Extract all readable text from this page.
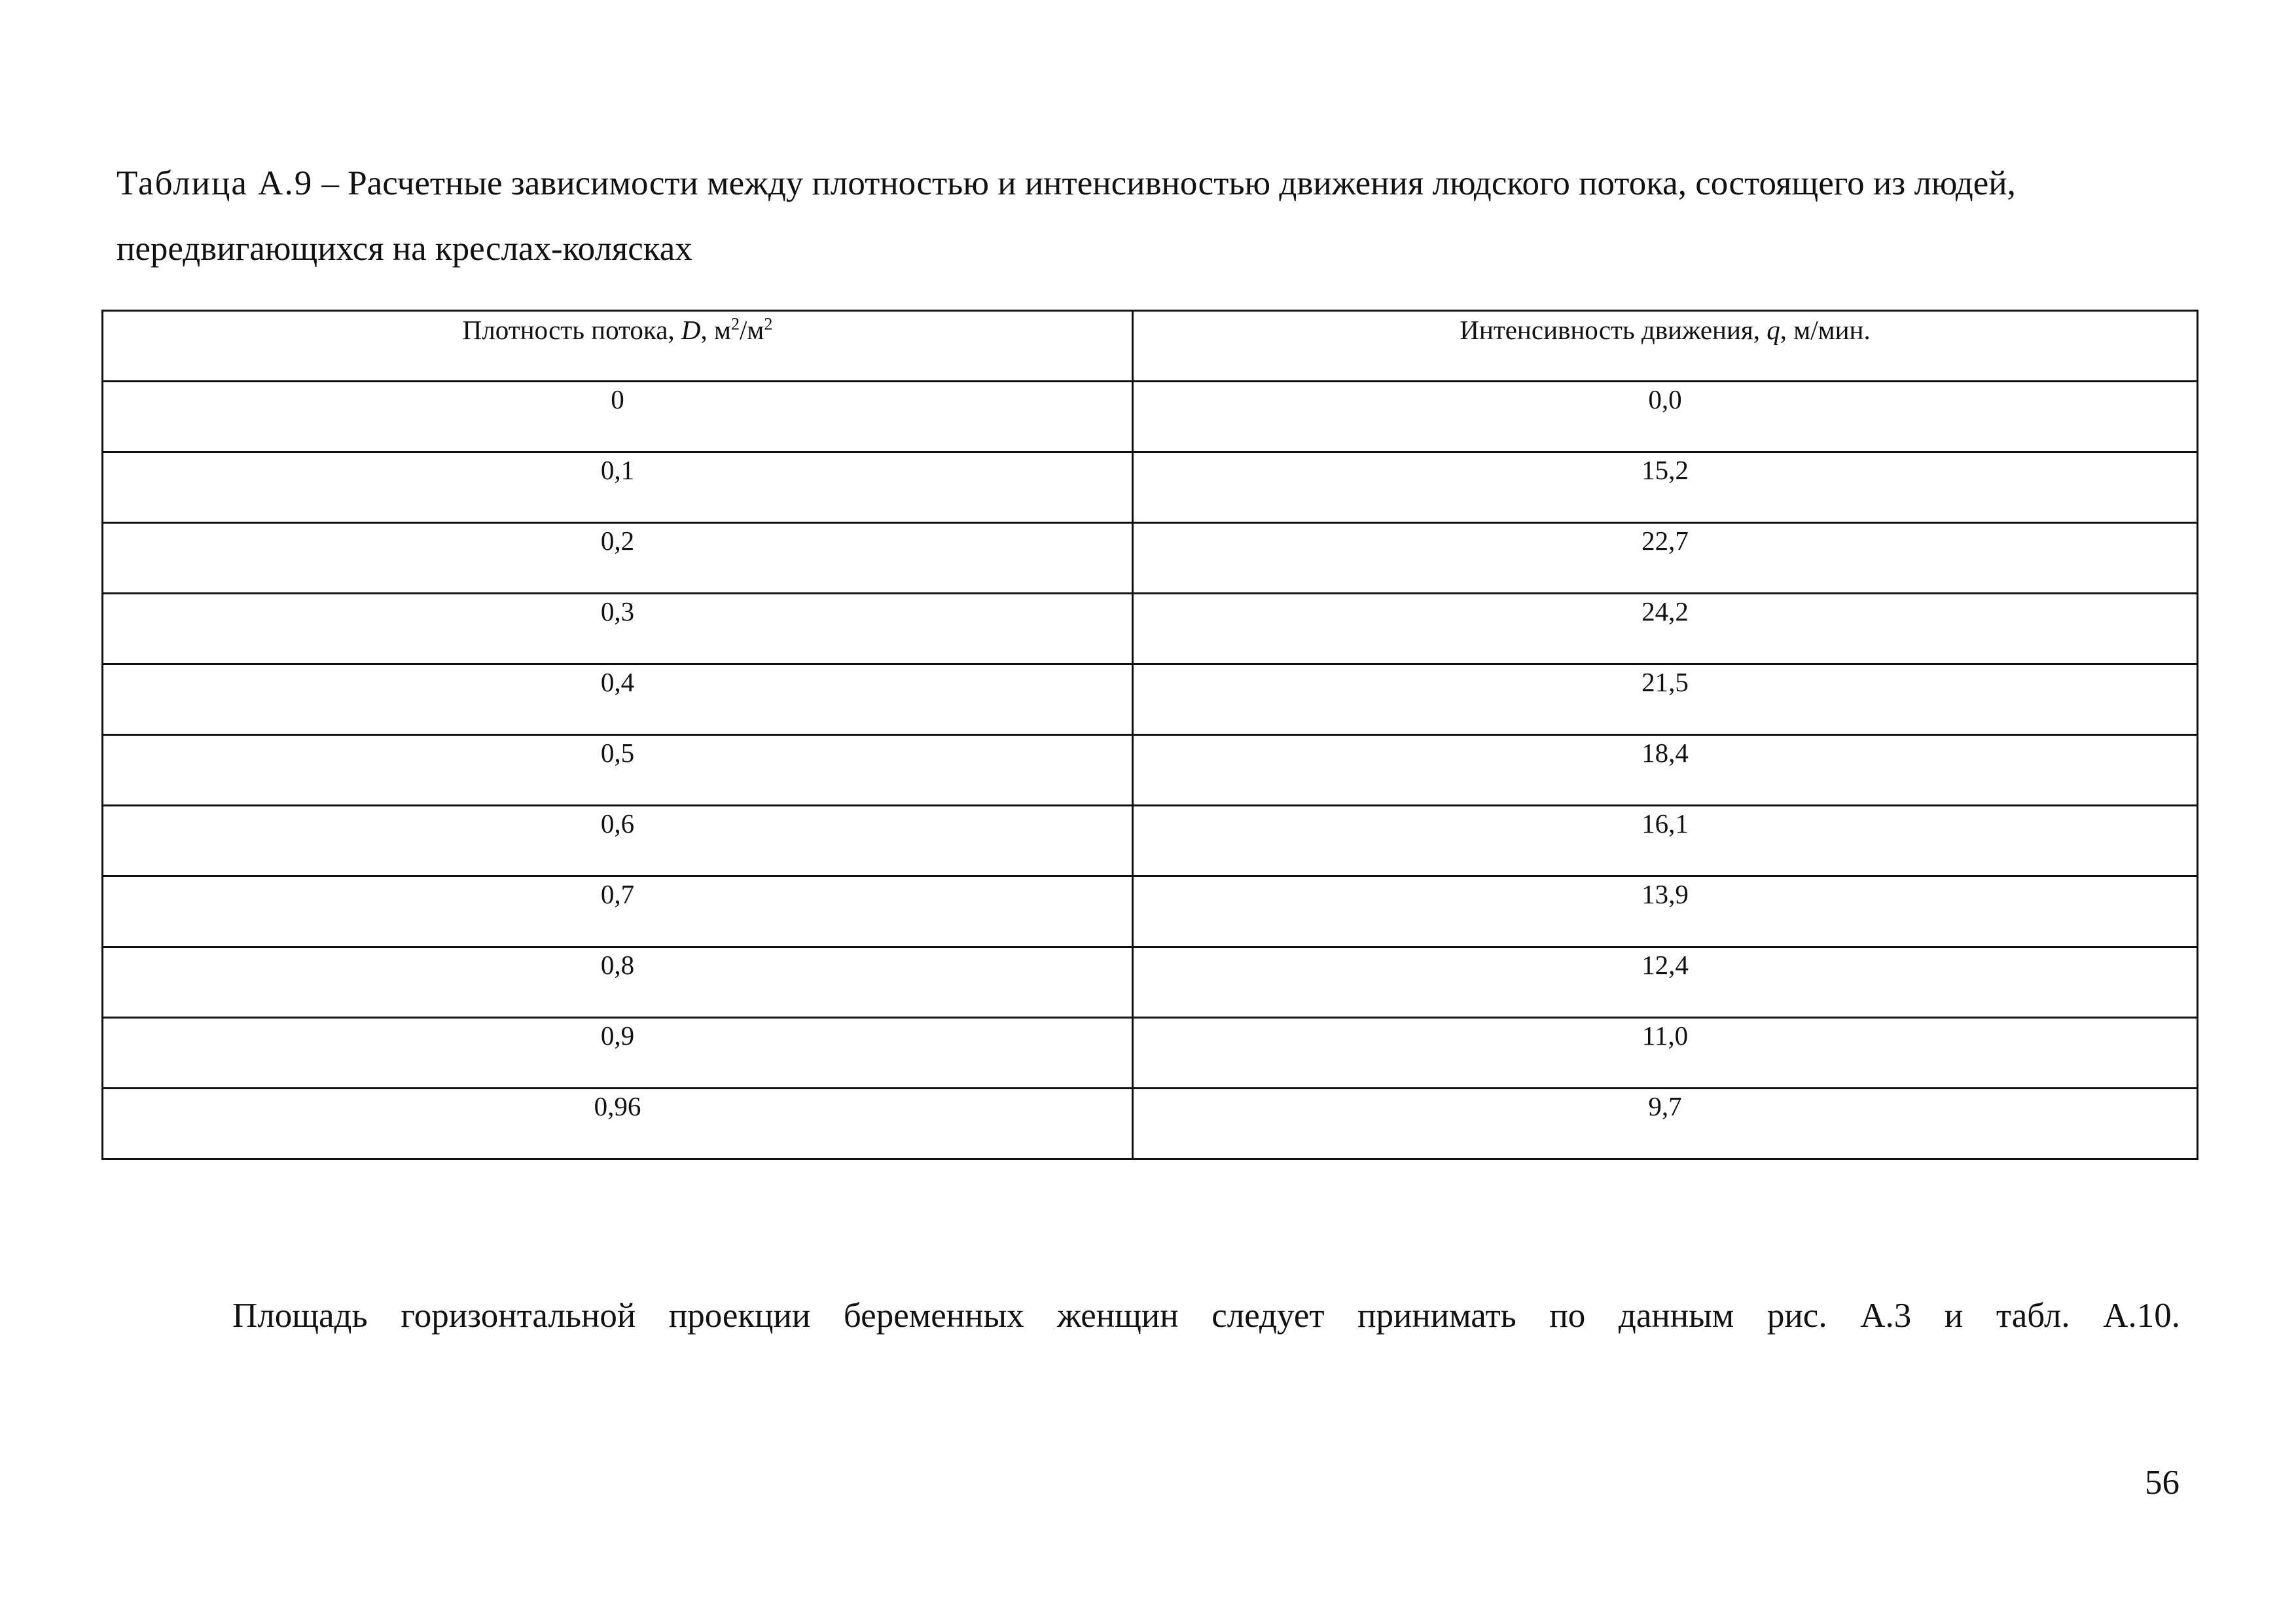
Таблица А.9 – Расчетные зависимости между плотностью и интенсивностью движения людского потока, состоящего из людей, передвигающихся на креслах-колясках

Плотность потока, D, $м^2/м^2$	Интенсивность движения, q, м/мин.

0	0,0

0,1	15,2

0,2	22,7

0,3	24,2

0,4	21,5

0,5	18,4

0,6	16,1

0,7	13,9

0,8	12,4

0,9	11,0

0,96	9,7

Площадь горизонтальной проекции беременных женщин следует принимать по данным рис. А.3 и табл. А.10.

56
